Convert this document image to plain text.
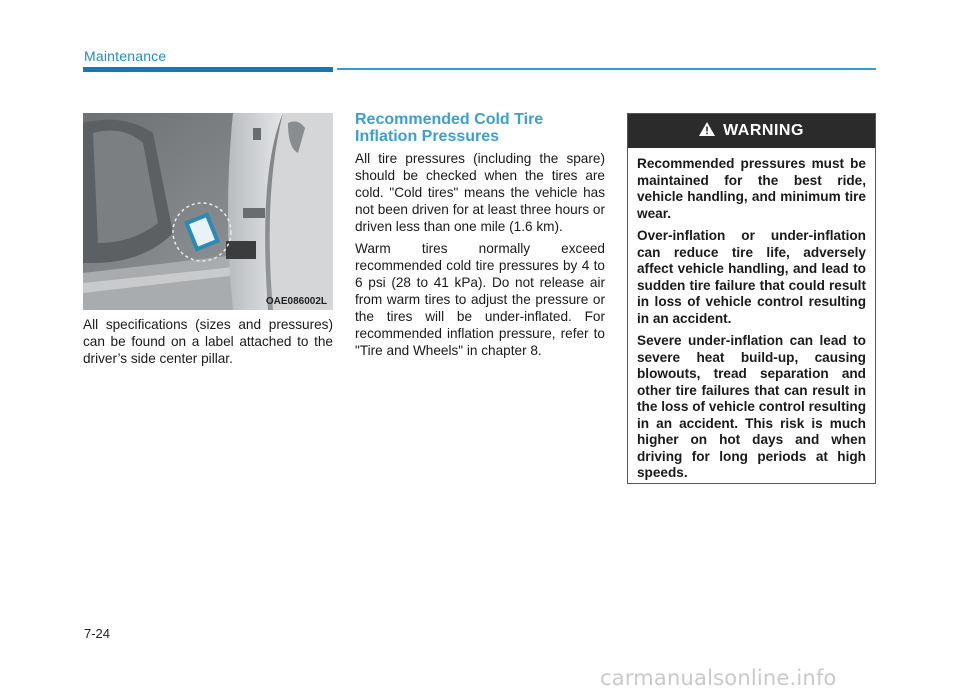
Maintenance
OAE086002L
All specifications (sizes and pressures) can be found on a label attached to the driver’s side center pillar.
Recommended Cold Tire Inflation Pressures

All tire pressures (including the spare) should be checked when the tires are cold. "Cold tires" means the vehicle has not been driven for at least three hours or driven less than one mile (1.6 km).

Warm tires normally exceed recommended cold tire pressures by 4 to 6 psi (28 to 41 kPa). Do not release air from warm tires to adjust the pressure or the tires will be under-inflated. For recommended inflation pressure, refer to "Tire and Wheels" in chapter 8.

WARNING

Recommended pressures must be maintained for the best ride, vehicle handling, and minimum tire wear.

Over-inflation or under-inflation can reduce tire life, adversely affect vehicle handling, and lead to sudden tire failure that could result in loss of vehicle control resulting in an accident.

Severe under-inflation can lead to severe heat build-up, causing blowouts, tread separation and other tire failures that can result in the loss of vehicle control resulting in an accident. This risk is much higher on hot days and when driving for long periods at high speeds.

7-24
carmanualsonline.info
